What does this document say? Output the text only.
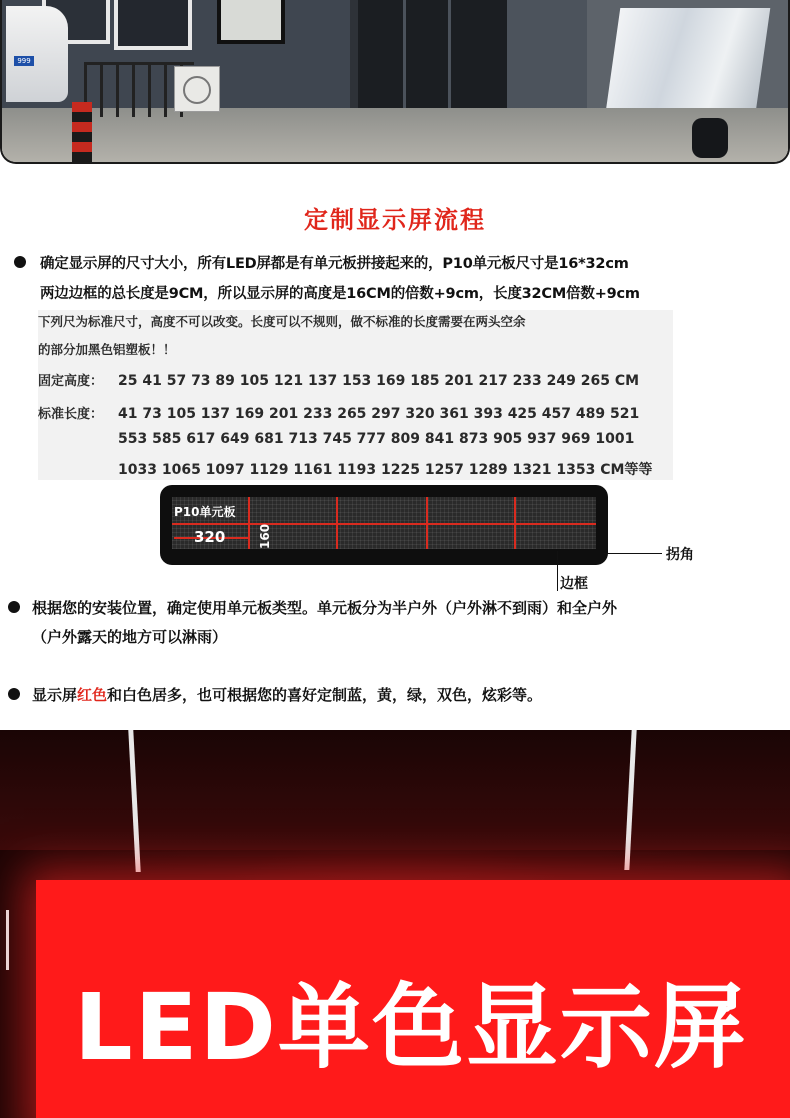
999
定制显示屏流程
确定显示屏的尺寸大小，所有LED屏都是有单元板拼接起来的，P10单元板尺寸是16*32cm
两边边框的总长度是9CM，所以显示屏的高度是16CM的倍数+9cm，长度32CM倍数+9cm
下列尺为标准尺寸，高度不可以改变。长度可以不规则，做不标准的长度需要在两头空余
的部分加黑色铝塑板！！
固定高度： 25 41 57 73 89 105 121 137 153 169 185 201 217 233 249 265 CM
标准长度： 41 73 105 137 169 201 233 265 297 320 361 393 425 457 489 521
553 585 617 649 681 713 745 777 809 841 873 905 937 969 1001
1033 1065 1097 1129 1161 1193 1225 1257 1289 1321 1353 CM等等
P10单元板
320	160
拐角
边框
根据您的安装位置，确定使用单元板类型。单元板分为半户外（户外淋不到雨）和全户外
（户外露天的地方可以淋雨）
显示屏红色和白色居多，也可根据您的喜好定制蓝，黄，绿，双色，炫彩等。
LED单色显示屏
